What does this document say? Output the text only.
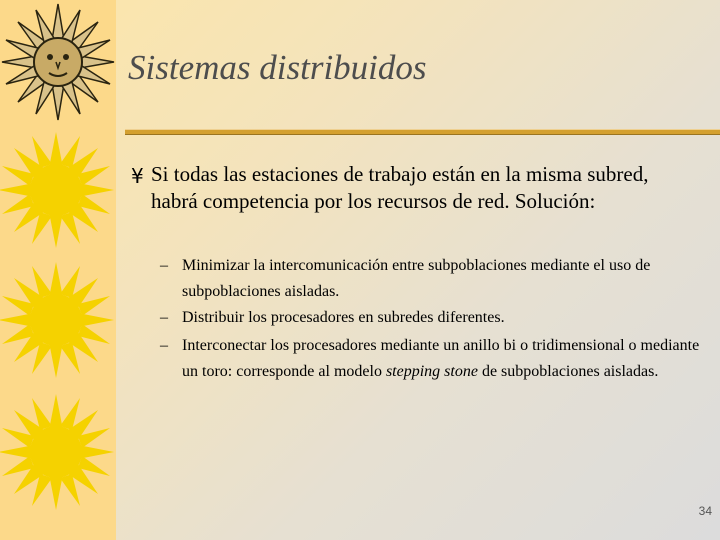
Sistemas distribuidos
¥ Si todas las estaciones de trabajo están en la misma subred, habrá competencia por los recursos de red. Solución:
– Minimizar la intercomunicación entre subpoblaciones mediante el uso de subpoblaciones aisladas.
– Distribuir los procesadores en subredes diferentes.
– Interconectar los procesadores mediante un anillo bi o tridimensional o mediante un toro: corresponde al modelo stepping stone de subpoblaciones aisladas.
34
